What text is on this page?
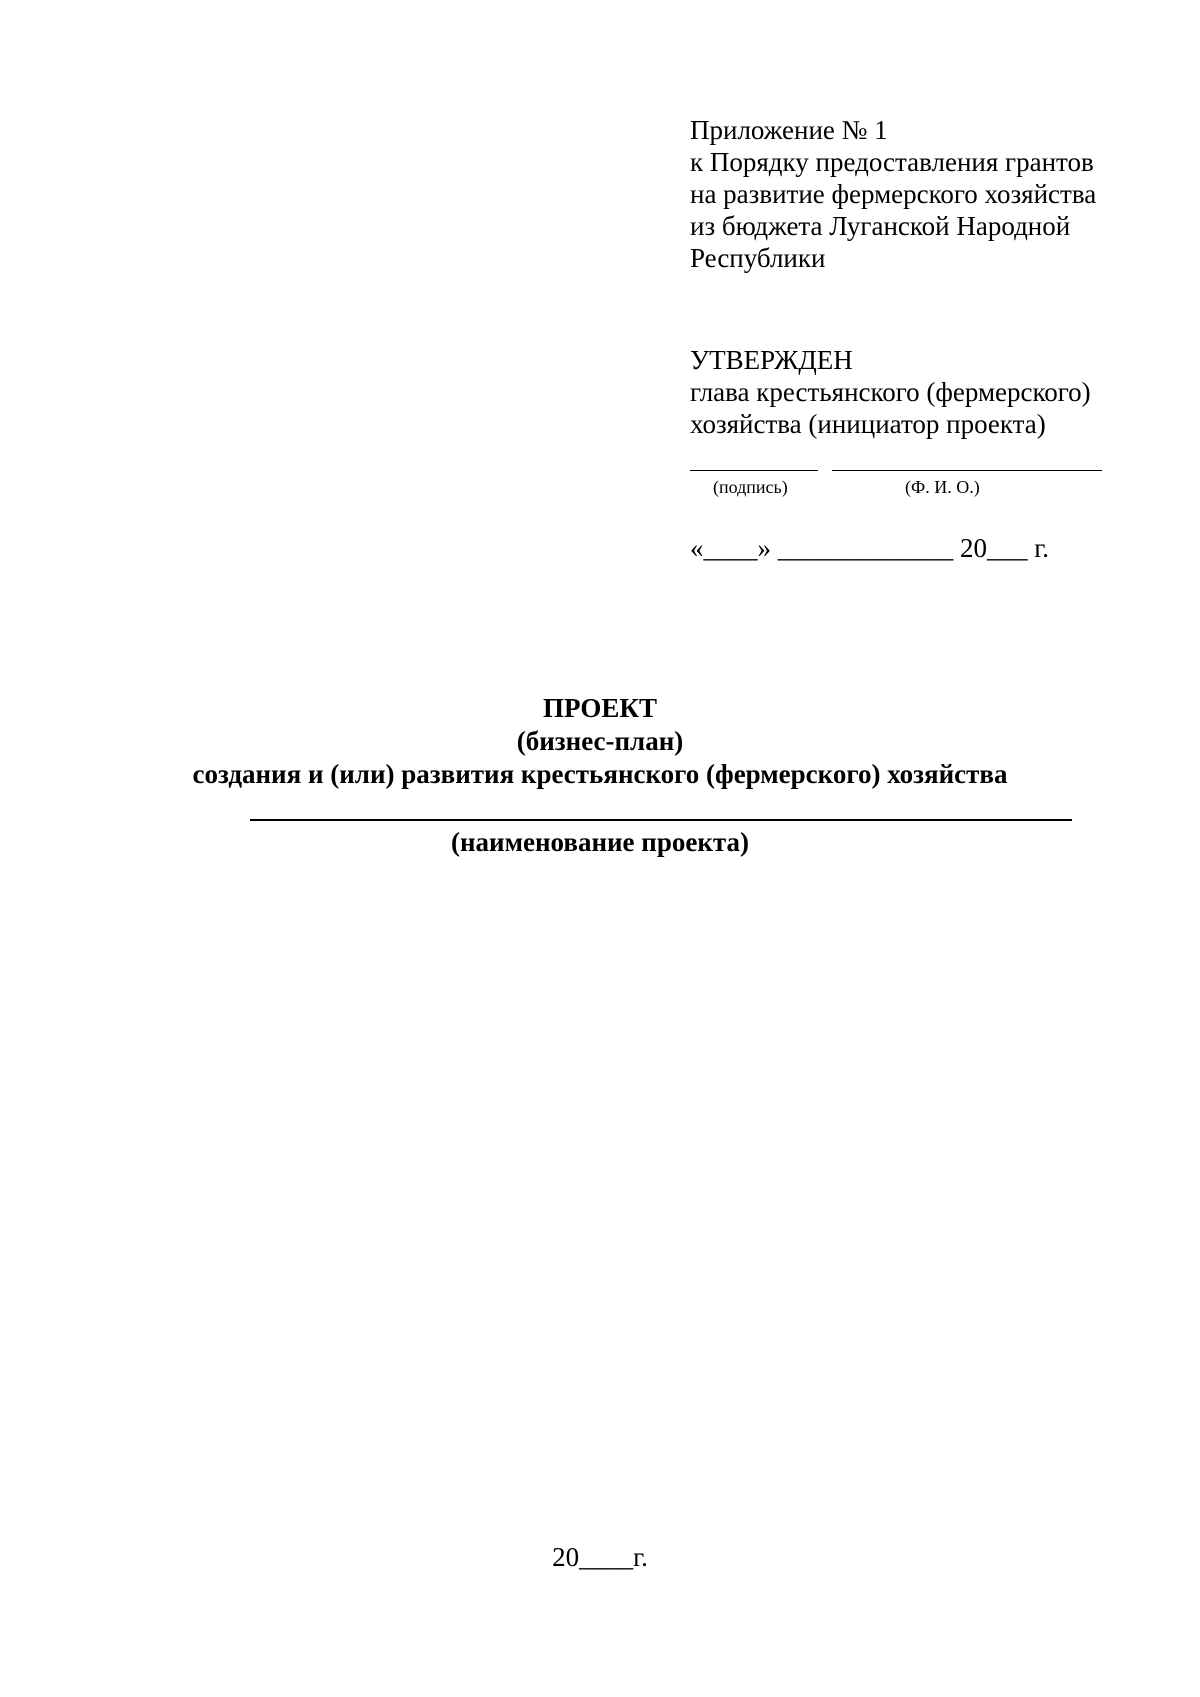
Приложение № 1
к Порядку предоставления грантов
на развитие фермерского хозяйства
из бюджета Луганской Народной
Республики
УТВЕРЖДЕН
глава крестьянского (фермерского)
хозяйства (инициатор проекта)
(подпись)	(Ф. И. О.)
«____» _____________ 20___ г.
ПРОЕКТ
(бизнес-план)
создания и (или) развития крестьянского (фермерского) хозяйства
(наименование проекта)
20____г.
